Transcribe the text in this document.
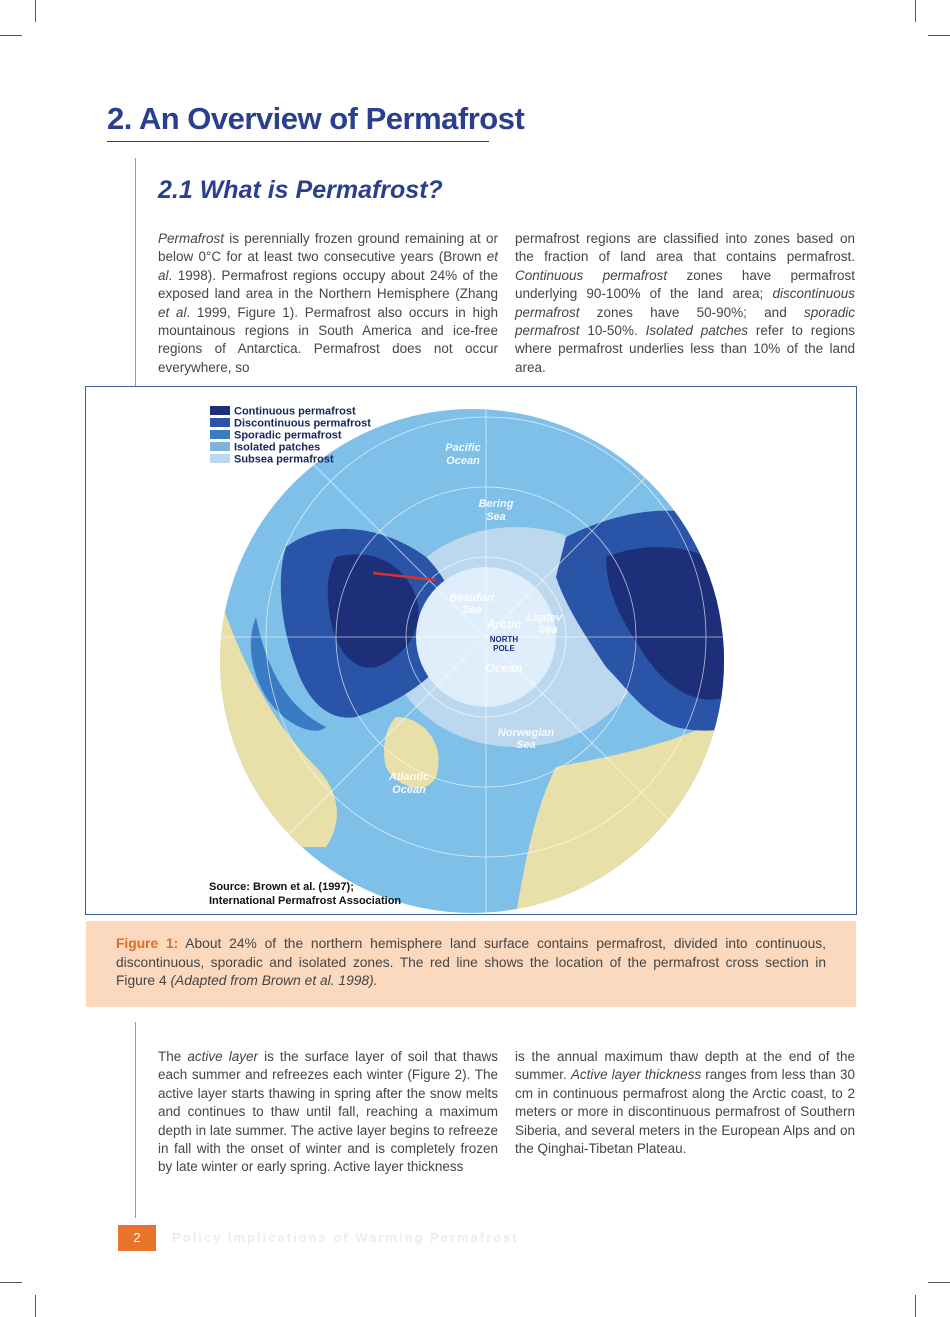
2. An Overview of Permafrost
2.1 What is Permafrost?
Permafrost is perennially frozen ground remaining at or below 0°C for at least two consecutive years (Brown et al. 1998). Permafrost regions occupy about 24% of the exposed land area in the Northern Hemisphere (Zhang et al. 1999, Figure 1). Permafrost also occurs in high mountainous regions in South America and ice-free regions of Antarctica. Permafrost does not occur everywhere, so
permafrost regions are classified into zones based on the fraction of land area that contains permafrost. Continuous permafrost zones have permafrost underlying 90-100% of the land area; discontinuous permafrost zones have 50-90%; and sporadic permafrost 10-50%. Isolated patches refer to regions where permafrost underlies less than 10% of the land area.
Pacific
Ocean
Bering
Sea
Beaufort
Sea
Laptev
Sea
Arctic
Ocean
Norwegian
Sea
Atlantic
Ocean
NORTH
POLE
Continuous permafrost
Discontinuous permafrost
Sporadic permafrost
Isolated patches
Subsea permafrost
Source: Brown et al. (1997);
International Permafrost Association
Figure 1: About 24% of the northern hemisphere land surface contains permafrost, divided into continuous, discontinuous, sporadic and isolated zones. The red line shows the location of the permafrost cross section in Figure 4 (Adapted from Brown et al. 1998).
The active layer is the surface layer of soil that thaws each summer and refreezes each winter (Figure 2). The active layer starts thawing in spring after the snow melts and continues to thaw until fall, reaching a maximum depth in late summer. The active layer begins to refreeze in fall with the onset of winter and is completely frozen by late winter or early spring. Active layer thickness
is the annual maximum thaw depth at the end of the summer. Active layer thickness ranges from less than 30 cm in continuous permafrost along the Arctic coast, to 2 meters or more in discontinuous permafrost of Southern Siberia, and several meters in the European Alps and on the Qinghai-Tibetan Plateau.
2	Policy Implications of Warming Permafrost
